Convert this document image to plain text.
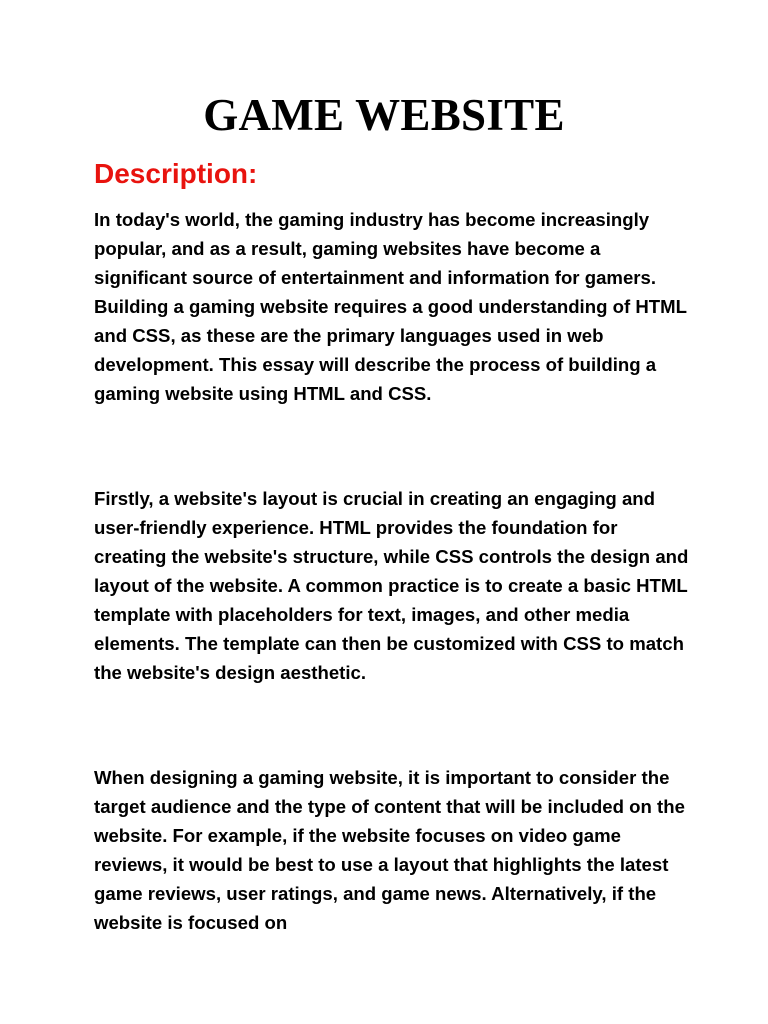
GAME WEBSITE
Description:

In today's world, the gaming industry has become increasingly popular, and as a result, gaming websites have become a significant source of entertainment and information for gamers. Building a gaming website requires a good understanding of HTML and CSS, as these are the primary languages used in web development. This essay will describe the process of building a gaming website using HTML and CSS.

Firstly, a website's layout is crucial in creating an engaging and user-friendly experience. HTML provides the foundation for creating the website's structure, while CSS controls the design and layout of the website. A common practice is to create a basic HTML template with placeholders for text, images, and other media elements. The template can then be customized with CSS to match the website's design aesthetic.

When designing a gaming website, it is important to consider the target audience and the type of content that will be included on the website. For example, if the website focuses on video game reviews, it would be best to use a layout that highlights the latest game reviews, user ratings, and game news. Alternatively, if the website is focused on
